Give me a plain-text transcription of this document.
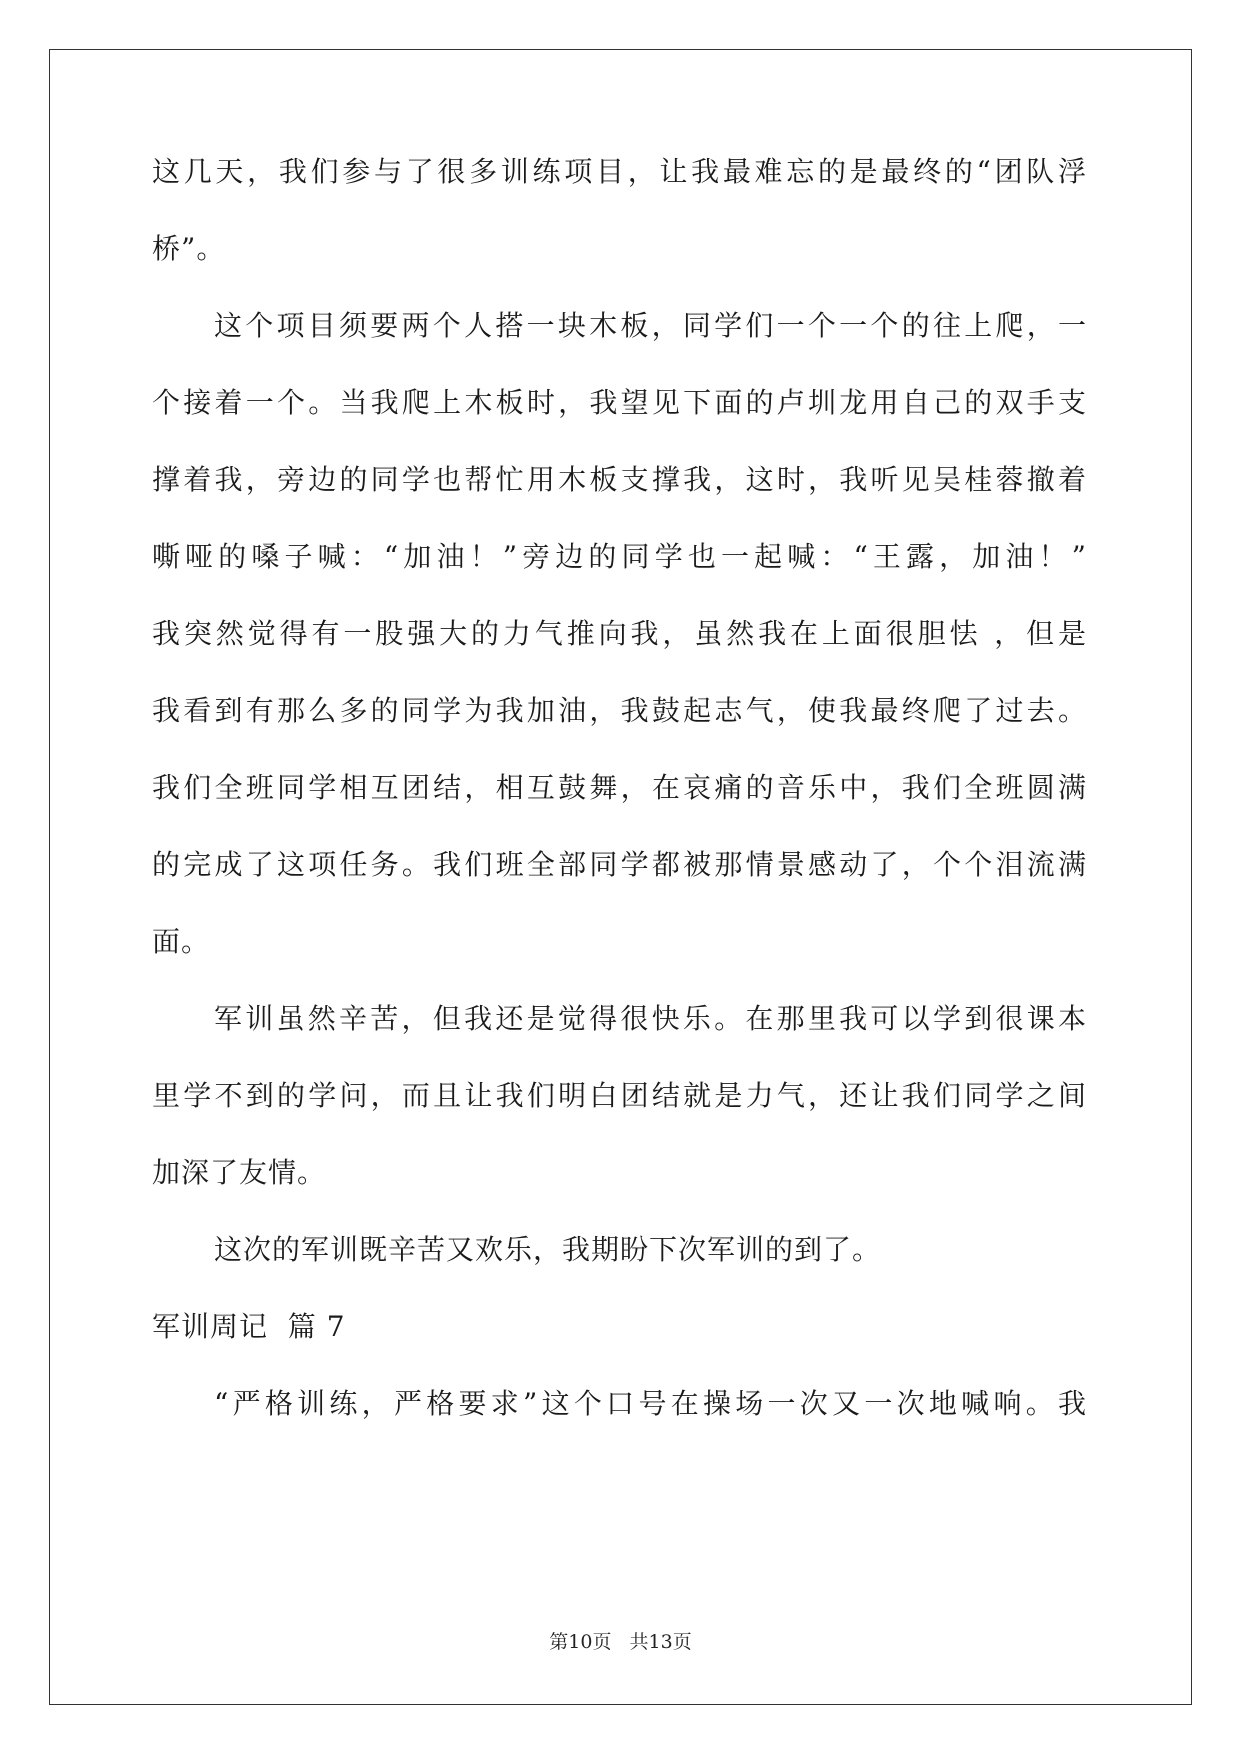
这几天，我们参与了很多训练项目，让我最难忘的是最终的“团队浮
桥”。
这个项目须要两个人搭一块木板，同学们一个一个的往上爬，一
个接着一个。当我爬上木板时，我望见下面的卢圳龙用自己的双手支
撑着我，旁边的同学也帮忙用木板支撑我，这时，我听见吴桂蓉撤着
嘶哑的嗓子喊：“加油！”旁边的同学也一起喊：“王露，加油！”
我突然觉得有一股强大的力气推向我，虽然我在上面很胆怯 ，但是
我看到有那么多的同学为我加油，我鼓起志气，使我最终爬了过去。
我们全班同学相互团结，相互鼓舞，在哀痛的音乐中，我们全班圆满
的完成了这项任务。我们班全部同学都被那情景感动了，个个泪流满
面。
军训虽然辛苦，但我还是觉得很快乐。在那里我可以学到很课本
里学不到的学问，而且让我们明白团结就是力气，还让我们同学之间
加深了友情。
这次的军训既辛苦又欢乐，我期盼下次军训的到了。
军训周记  篇 7
“严格训练，严格要求”这个口号在操场一次又一次地喊响。我
第10页 共13页
